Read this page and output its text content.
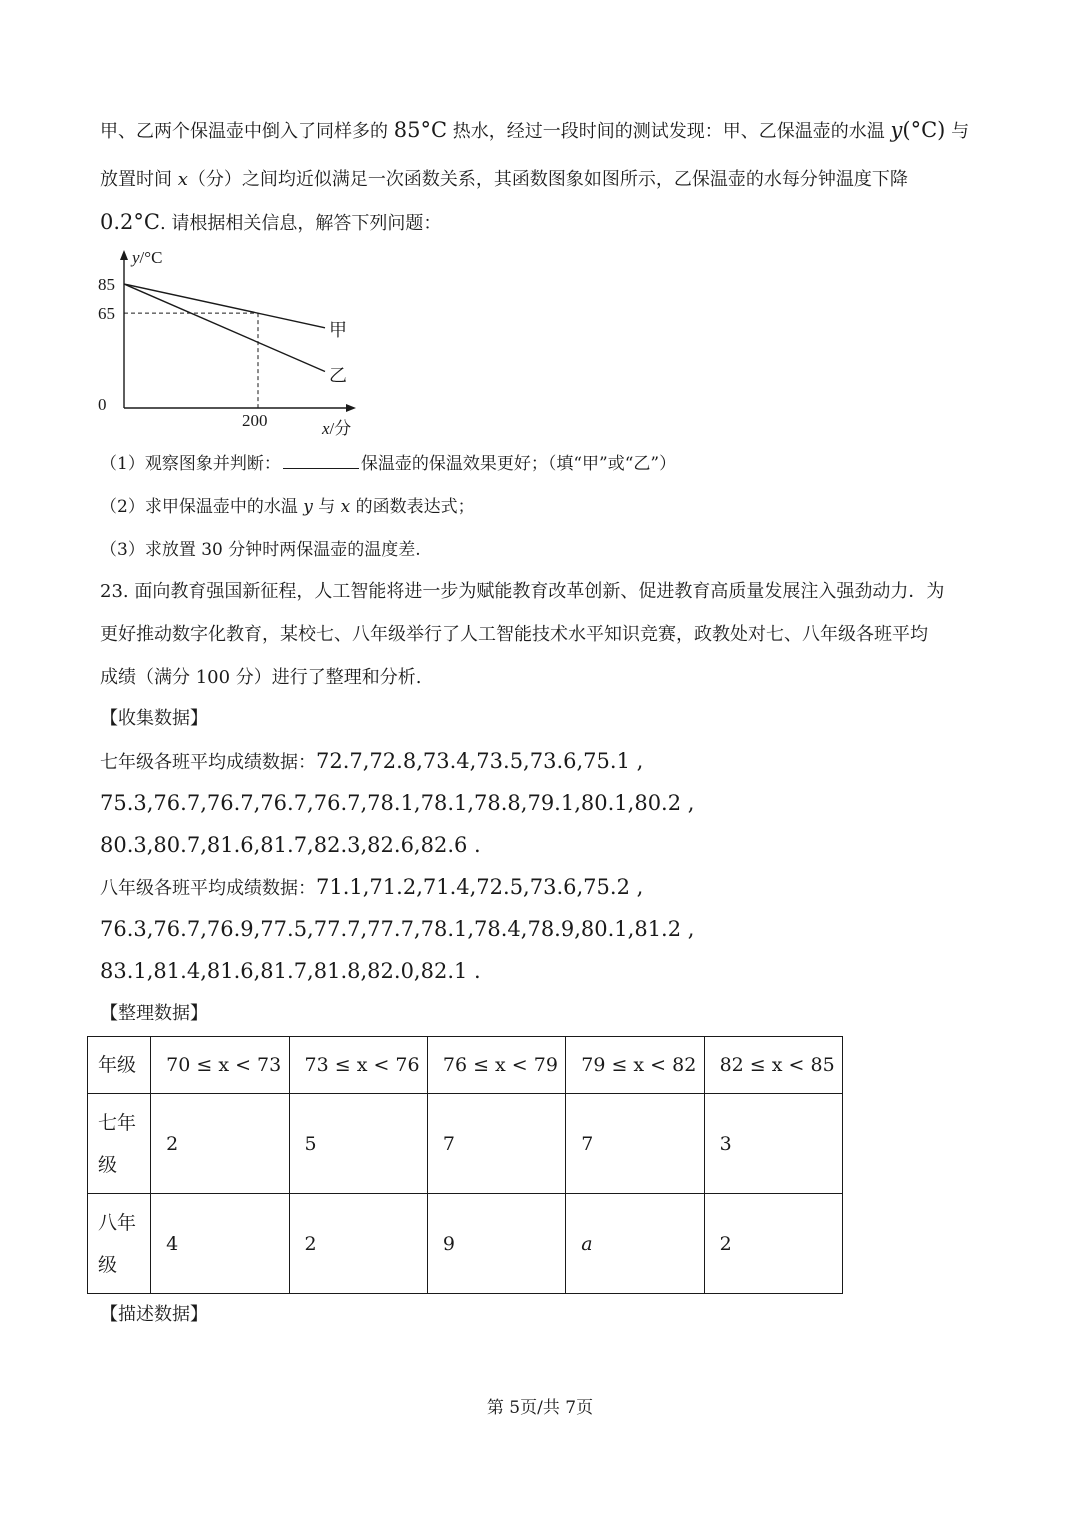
甲、乙两个保温壶中倒入了同样多的 85°C 热水，经过一段时间的测试发现：甲、乙保温壶的水温 y(°C) 与
放置时间 x（分）之间均近似满足一次函数关系，其函数图象如图所示，乙保温壶的水每分钟温度下降
0.2°C. 请根据相关信息，解答下列问题：
y/°C
x/分
85
65
0
200
甲
乙
（1）观察图象并判断：	保温壶的保温效果更好；（填“甲”或“乙”）
（2）求甲保温壶中的水温 y 与 x 的函数表达式；
（3）求放置 30 分钟时两保温壶的温度差.
23. 面向教育强国新征程，人工智能将进一步为赋能教育改革创新、促进教育高质量发展注入强劲动力．为
更好推动数字化教育，某校七、八年级举行了人工智能技术水平知识竞赛，政教处对七、八年级各班平均
成绩（满分 100 分）进行了整理和分析.
【收集数据】
七年级各班平均成绩数据：72.7,72.8,73.4,73.5,73.6,75.1 ,
75.3,76.7,76.7,76.7,76.7,78.1,78.1,78.8,79.1,80.1,80.2 ,
80.3,80.7,81.6,81.7,82.3,82.6,82.6 .
八年级各班平均成绩数据：71.1,71.2,71.4,72.5,73.6,75.2 ,
76.3,76.7,76.9,77.5,77.7,77.7,78.1,78.4,78.9,80.1,81.2 ,
83.1,81.4,81.6,81.7,81.8,82.0,82.1 .
【整理数据】
年级	70 ≤ x < 73	73 ≤ x < 76	76 ≤ x < 79	79 ≤ x < 82	82 ≤ x < 85
七年
级	2	5	7	7	3
八年
级	4	2	9	a	2
【描述数据】
第 5页/共 7页
